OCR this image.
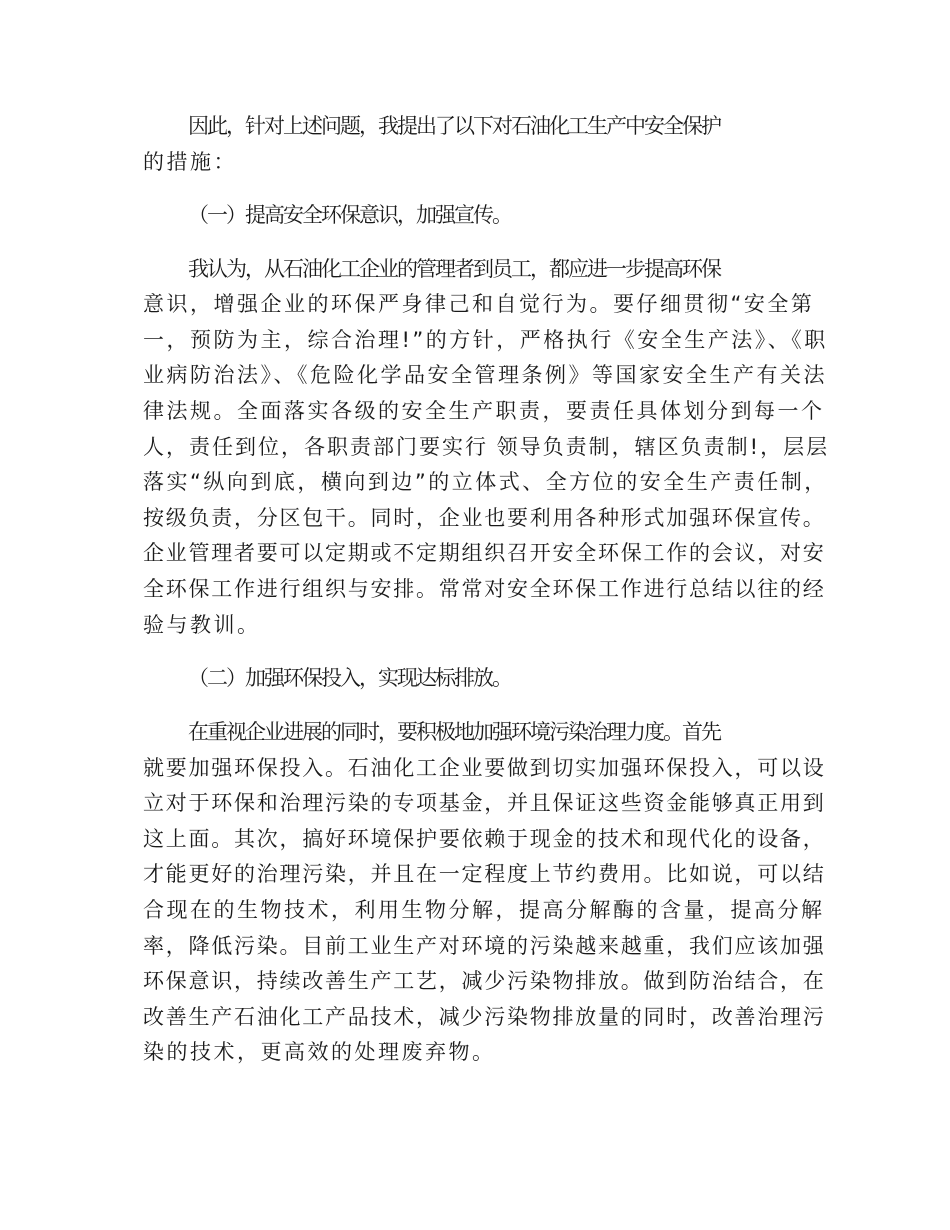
因此，针对上述问题，我提出了以下对石油化工生产中安全保护
的措施：
（一）提高安全环保意识，加强宣传。
我认为，从石油化工企业的管理者到员工，都应进一步提高环保
意识，增强企业的环保严身律己和自觉行为。要仔细贯彻“安全第
一，预防为主，综合治理!”的方针，严格执行《安全生产法》、《职
业病防治法》、《危险化学品安全管理条例》等国家安全生产有关法
律法规。全面落实各级的安全生产职责，要责任具体划分到每一个
人，责任到位，各职责部门要实行 领导负责制，辖区负责制!，层层
落实“纵向到底，横向到边”的立体式、全方位的安全生产责任制，
按级负责，分区包干。同时，企业也要利用各种形式加强环保宣传。
企业管理者要可以定期或不定期组织召开安全环保工作的会议，对安
全环保工作进行组织与安排。常常对安全环保工作进行总结以往的经
验与教训。
（二）加强环保投入，实现达标排放。
在重视企业进展的同时，要积极地加强环境污染治理力度。首先
就要加强环保投入。石油化工企业要做到切实加强环保投入，可以设
立对于环保和治理污染的专项基金，并且保证这些资金能够真正用到
这上面。其次，搞好环境保护要依赖于现金的技术和现代化的设备，
才能更好的治理污染，并且在一定程度上节约费用。比如说，可以结
合现在的生物技术，利用生物分解，提高分解酶的含量，提高分解
率，降低污染。目前工业生产对环境的污染越来越重，我们应该加强
环保意识，持续改善生产工艺，减少污染物排放。做到防治结合，在
改善生产石油化工产品技术，减少污染物排放量的同时，改善治理污
染的技术，更高效的处理废弃物。
